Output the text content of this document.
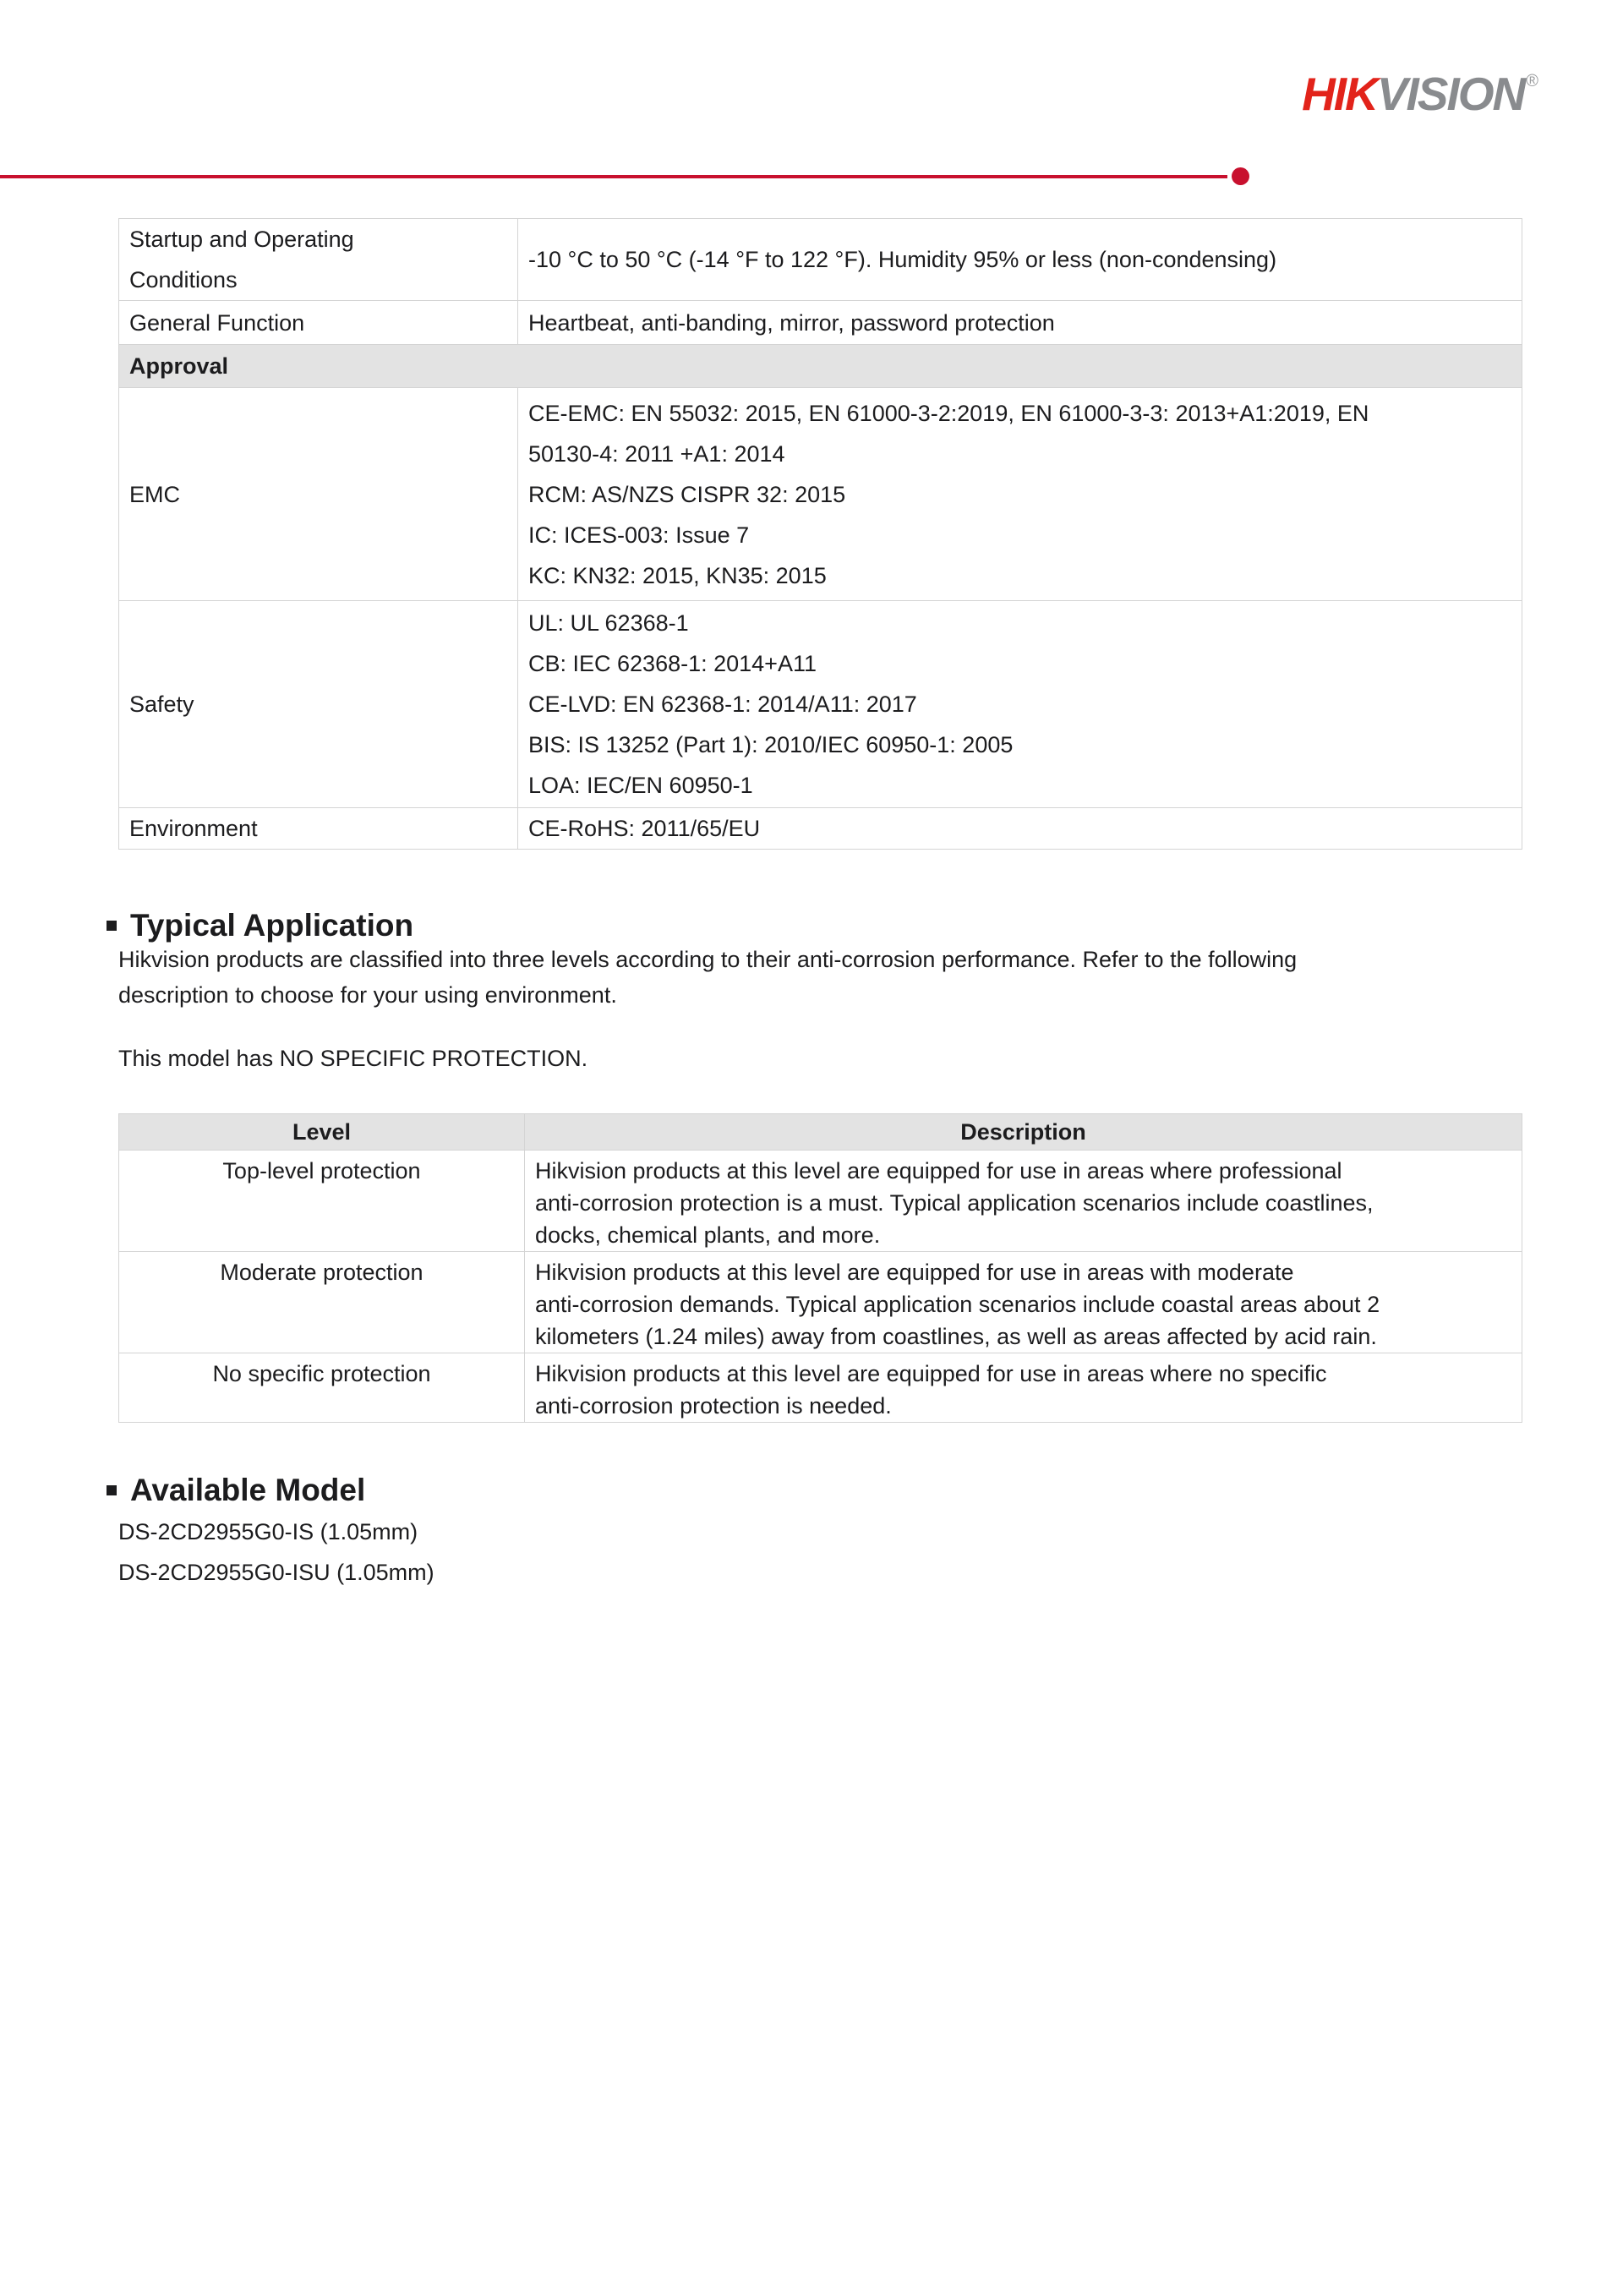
HIKVISION ®
Startup and Operating
Conditions	-10 °C to 50 °C (-14 °F to 122 °F). Humidity 95% or less (non-condensing)

General Function	Heartbeat, anti-banding, mirror, password protection

Approval	
EMC	CE-EMC: EN 55032: 2015, EN 61000-3-2:2019, EN 61000-3-3: 2013+A1:2019, EN
50130-4: 2011 +A1: 2014
RCM: AS/NZS CISPR 32: 2015
IC: ICES-003: Issue 7
KC: KN32: 2015, KN35: 2015

Safety	UL: UL 62368-1
CB: IEC 62368-1: 2014+A11
CE-LVD: EN 62368-1: 2014/A11: 2017
BIS: IS 13252 (Part 1): 2010/IEC 60950-1: 2005
LOA: IEC/EN 60950-1

Environment	CE-RoHS: 2011/65/EU
Typical Application
Hikvision products are classified into three levels according to their anti-corrosion performance. Refer to the following
description to choose for your using environment.
This model has NO SPECIFIC PROTECTION.
Level	Description
Top-level protection	Hikvision products at this level are equipped for use in areas where professional
anti-corrosion protection is a must. Typical application scenarios include coastlines,
docks, chemical plants, and more.

Moderate protection	Hikvision products at this level are equipped for use in areas with moderate
anti-corrosion demands. Typical application scenarios include coastal areas about 2
kilometers (1.24 miles) away from coastlines, as well as areas affected by acid rain.

No specific protection	Hikvision products at this level are equipped for use in areas where no specific
anti-corrosion protection is needed.
Available Model
DS-2CD2955G0-IS (1.05mm)
DS-2CD2955G0-ISU (1.05mm)
